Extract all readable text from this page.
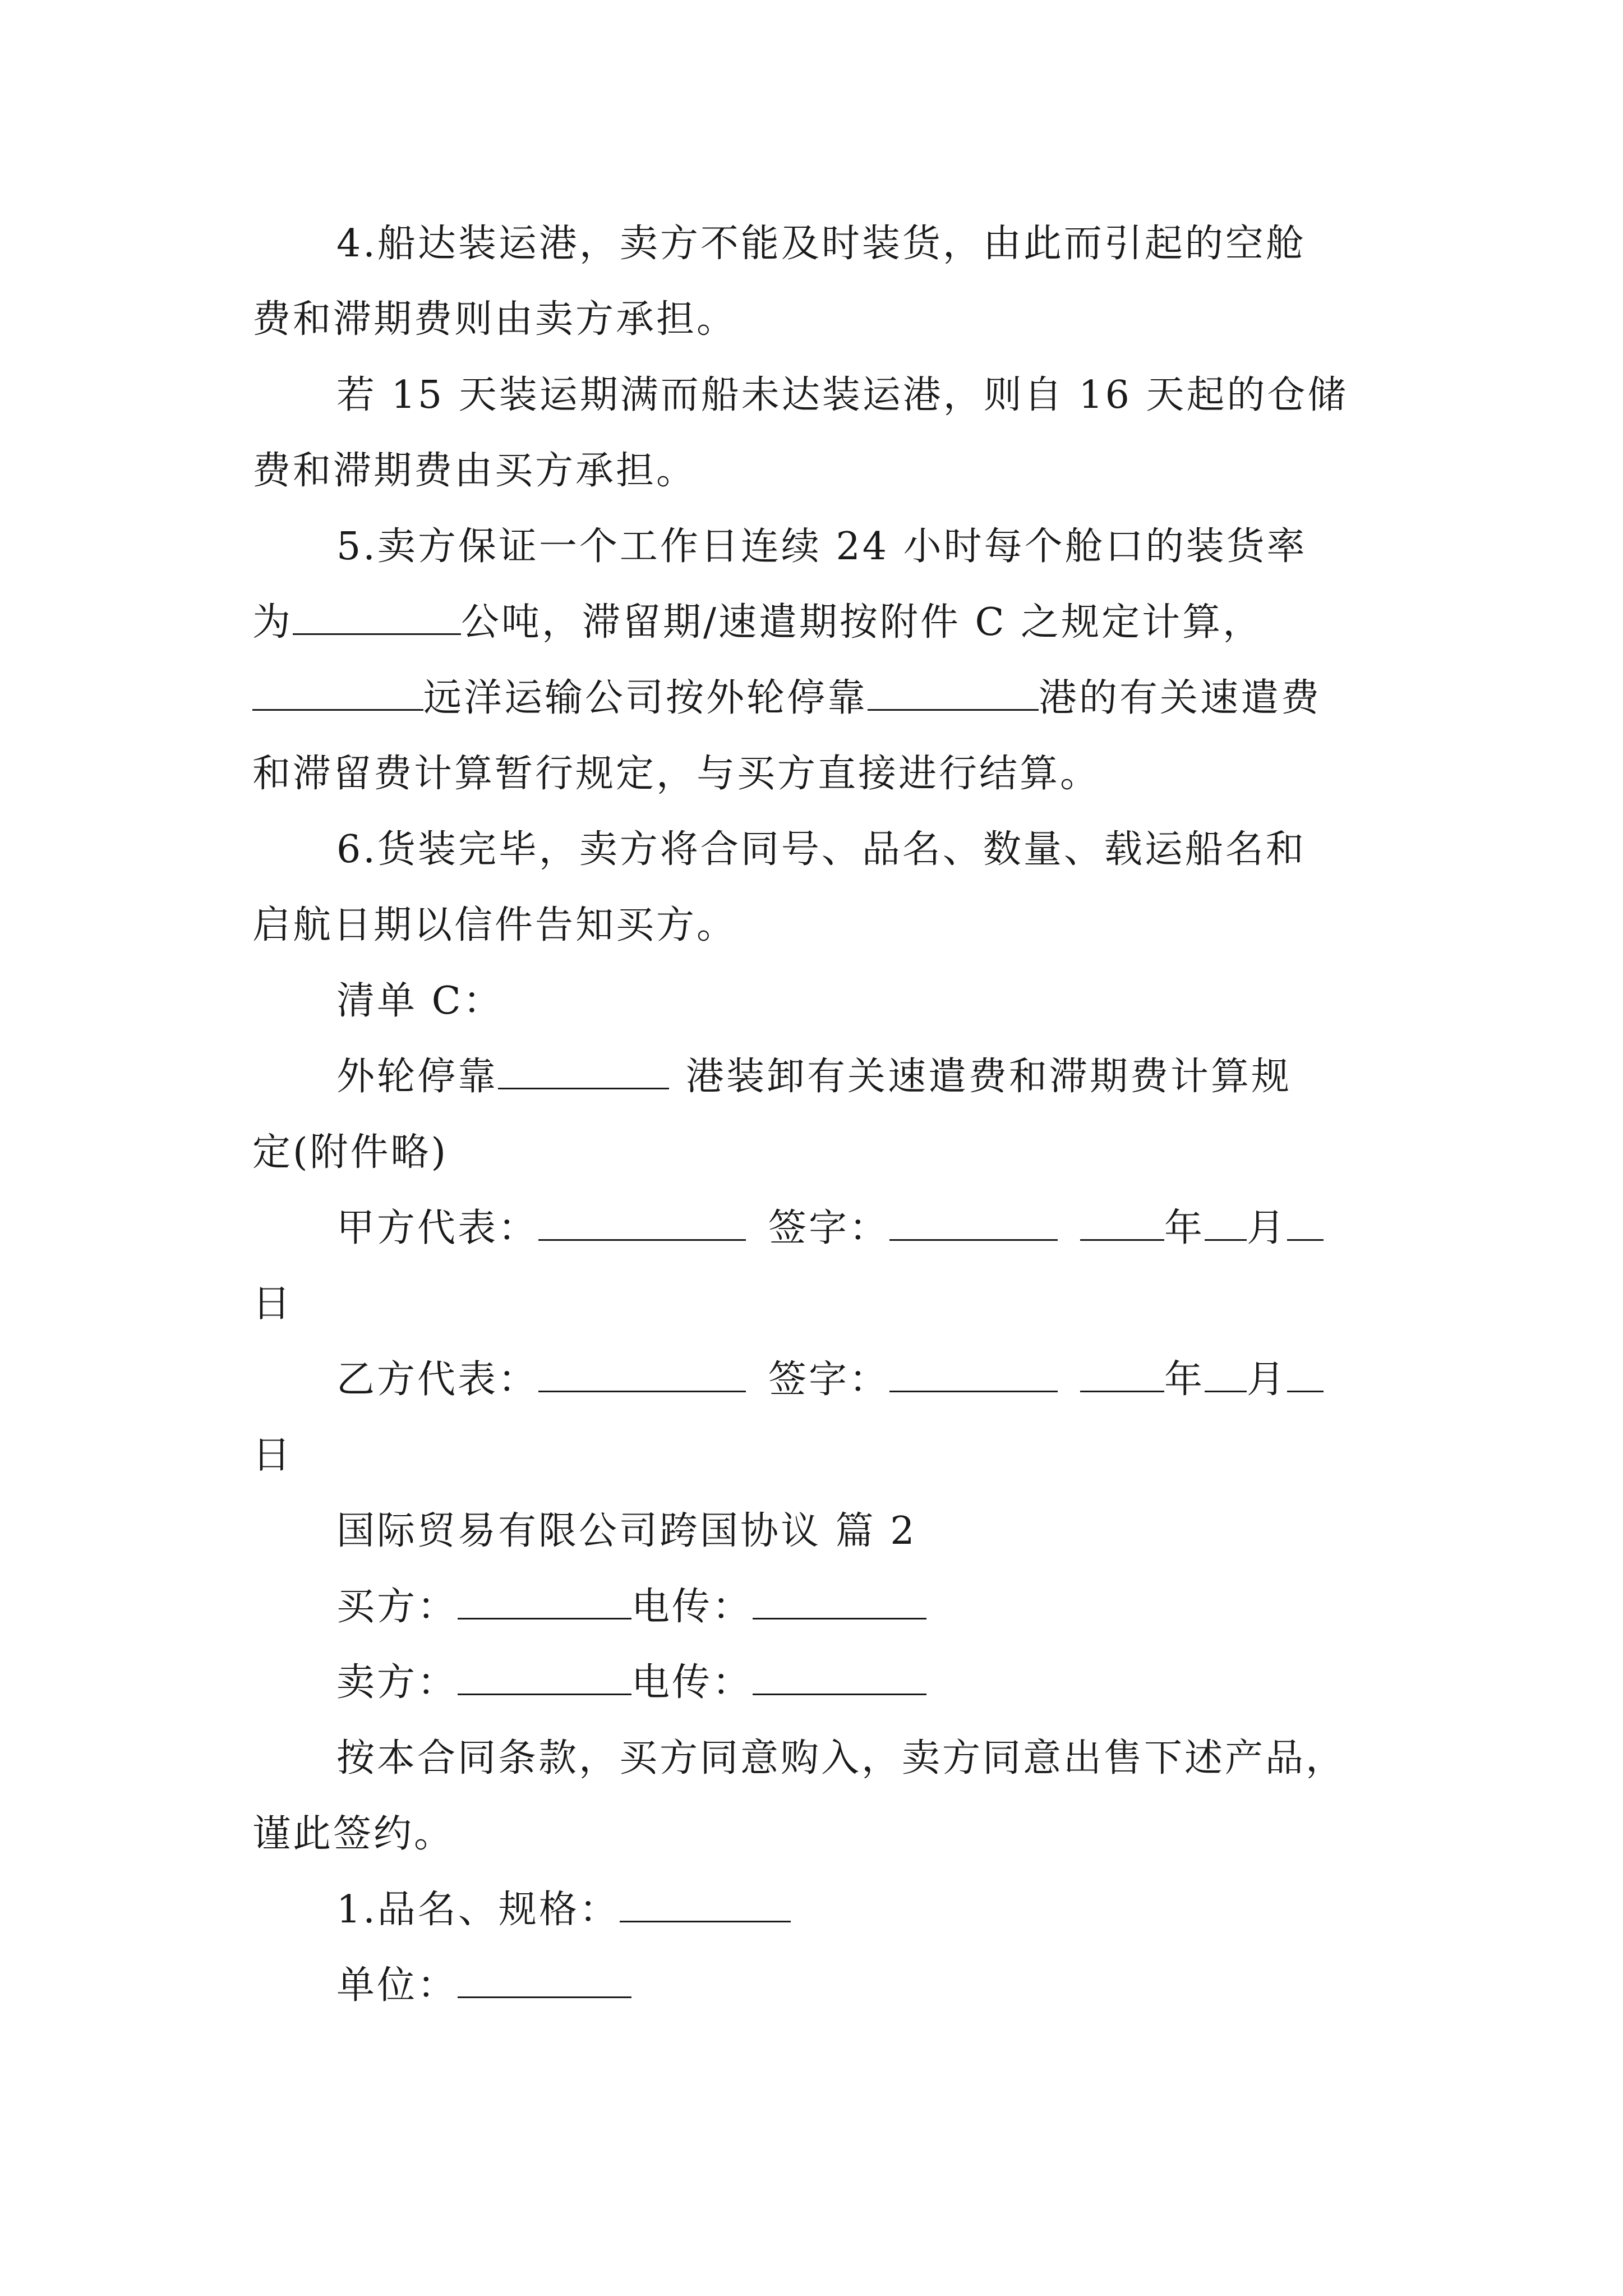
4.船达装运港，卖方不能及时装货，由此而引起的空舱
费和滞期费则由卖方承担。
若 15 天装运期满而船未达装运港，则自 16 天起的仓储
费和滞期费由买方承担。
5.卖方保证一个工作日连续 24 小时每个舱口的装货率
为	公吨，滞留期/速遣期按附件 C 之规定计算，
远洋运输公司按外轮停靠	港的有关速遣费
和滞留费计算暂行规定，与买方直接进行结算。
6.货装完毕，卖方将合同号、品名、数量、载运船名和
启航日期以信件告知买方。
清单 C：
外轮停靠	港装卸有关速遣费和滞期费计算规
定(附件略)
甲方代表：	签字：	年 月
日
乙方代表：	签字：	年 月
日
国际贸易有限公司跨国协议 篇 2
买方：	电传：
卖方：	电传：
按本合同条款，买方同意购入，卖方同意出售下述产品，
谨此签约。
1.品名、规格：
单位：
